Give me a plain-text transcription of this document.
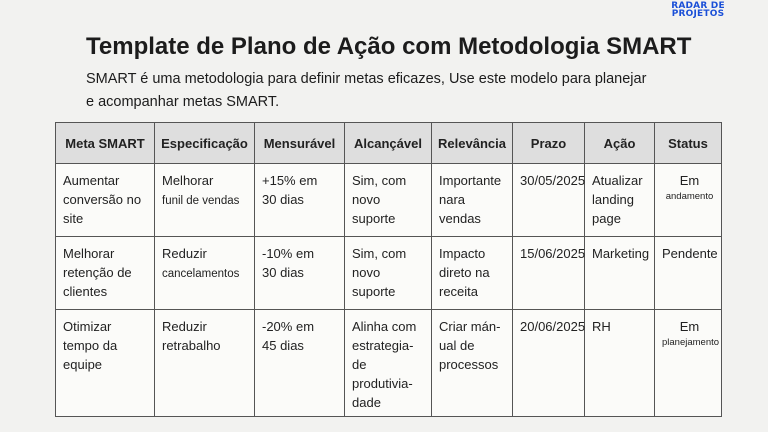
RADAR DE
PROJETOS
Template de Plano de Ação com Metodologia SMART

SMART é uma metodologia para definir metas eficazes, Use este modelo para planejar
e acompanhar metas SMART.

Meta SMART	Especificação	Mensurável	Alcançável	Relevância	Prazo	Ação	Status
Aumentar
conversão no
site	Melhorar
funil de vendas	+15% em
30 dias	Sim, com
novo
suporte	Importante
nara vendas	30/05/2025	Atualizar
landing
page	Em
andamento

Melhorar
retenção de
clientes	Reduzir
cancelamentos	-10% em
30 dias	Sim, com
novo
suporte	Impacto
direto na
receita	15/06/2025	Marketing	Pendente

Otimizar
tempo da
equipe	Reduzir
retrabalho	-20% em
45 dias	Alinha com
estrategia-
de
produtivia-
dade	Criar mán-
ual de
processos	20/06/2025	RH	Em
planejamento
